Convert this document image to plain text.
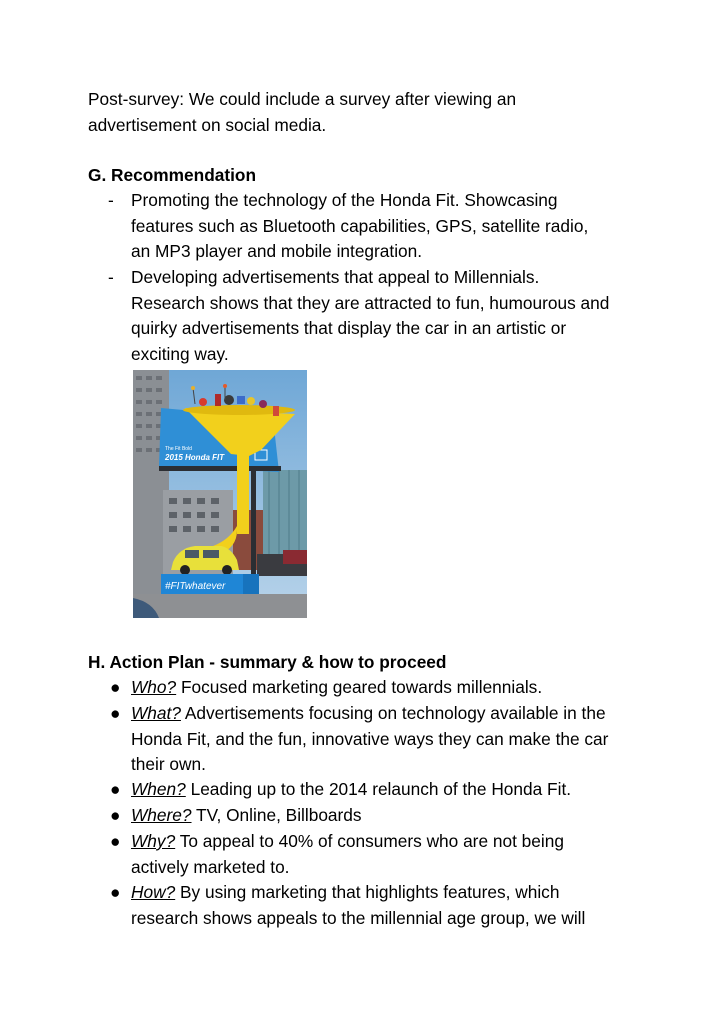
Post-survey: We could include a survey after viewing an
advertisement on social media.
G. Recommendation
- Promoting the technology of the Honda Fit. Showcasing
features such as Bluetooth capabilities, GPS, satellite radio,
an MP3 player and mobile integration.
- Developing advertisements that appeal to Millennials.
Research shows that they are attracted to fun, humourous and
quirky advertisements that display the car in an artistic or
exciting way.
The Fit Bold
2015 Honda FIT
#FITwhatever
H. Action Plan - summary & how to proceed
● Who? Focused marketing geared towards millennials.
● What? Advertisements focusing on technology available in the
Honda Fit, and the fun, innovative ways they can make the car
their own.
● When? Leading up to the 2014 relaunch of the Honda Fit.
● Where? TV, Online, Billboards
● Why? To appeal to 40% of consumers who are not being
actively marketed to.
● How? By using marketing that highlights features, which
research shows appeals to the millennial age group, we will
